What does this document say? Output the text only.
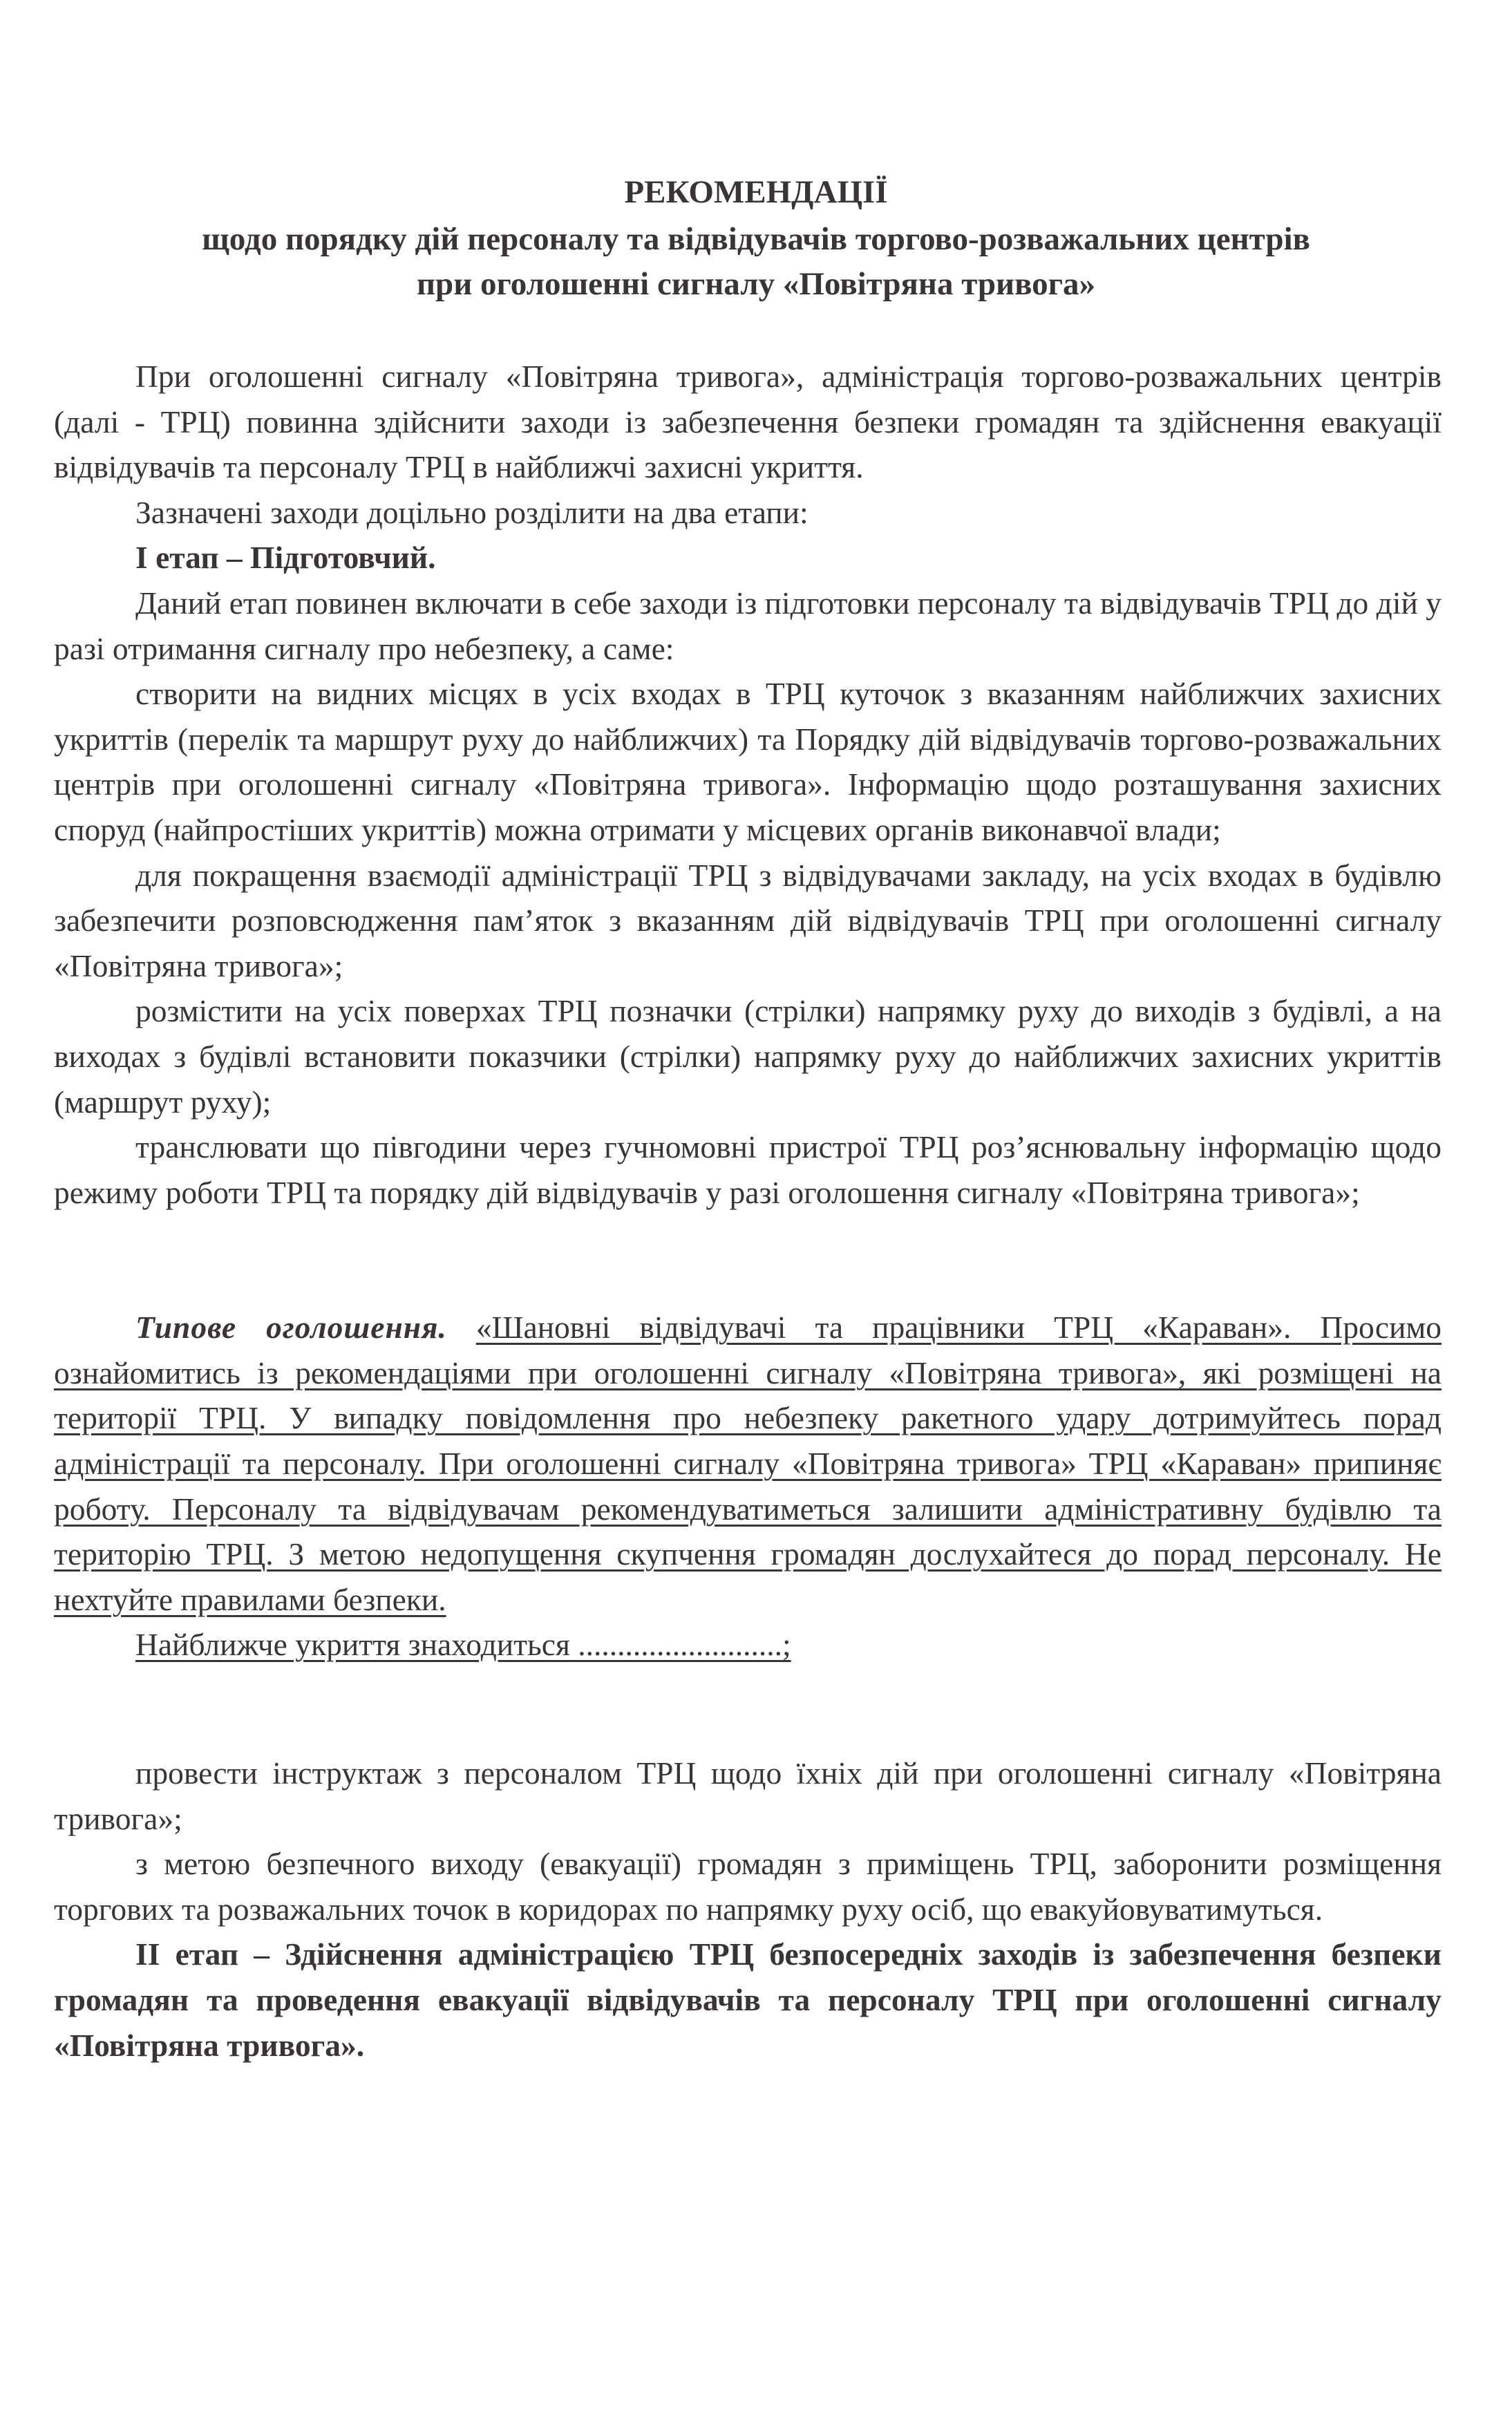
РЕКОМЕНДАЦІЇ
щодо порядку дій персоналу та відвідувачів торгово-розважальних центрів
при оголошенні сигналу «Повітряна тривога»

При оголошенні сигналу «Повітряна тривога», адміністрація торгово-розважальних центрів (далі - ТРЦ) повинна здійснити заходи із забезпечення безпеки громадян та здійснення евакуації відвідувачів та персоналу ТРЦ в найближчі захисні укриття.

Зазначені заходи доцільно розділити на два етапи:

І етап – Підготовчий.

Даний етап повинен включати в себе заходи із підготовки персоналу та відвідувачів ТРЦ до дій у разі отримання сигналу про небезпеку, а саме:

створити на видних місцях в усіх входах в ТРЦ куточок з вказанням найближчих захисних укриттів (перелік та маршрут руху до найближчих) та Порядку дій відвідувачів торгово-розважальних центрів при оголошенні сигналу «Повітряна тривога». Інформацію щодо розташування захисних споруд (найпростіших укриттів) можна отримати у місцевих органів виконавчої влади;

для покращення взаємодії адміністрації ТРЦ з відвідувачами закладу, на усіх входах в будівлю забезпечити розповсюдження пам’яток з вказанням дій відвідувачів ТРЦ при оголошенні сигналу «Повітряна тривога»;

розмістити на усіх поверхах ТРЦ позначки (стрілки) напрямку руху до виходів з будівлі, а на виходах з будівлі встановити показчики (стрілки) напрямку руху до найближчих захисних укриттів (маршрут руху);

транслювати що півгодини через гучномовні пристрої ТРЦ роз’яснювальну інформацію щодо режиму роботи ТРЦ та порядку дій відвідувачів у разі оголошення сигналу «Повітряна тривога»;

Типове оголошення. «Шановні відвідувачі та працівники ТРЦ «Караван». Просимо ознайомитись із рекомендаціями при оголошенні сигналу «Повітряна тривога», які розміщені на території ТРЦ. У випадку повідомлення про небезпеку ракетного удару дотримуйтесь порад адміністрації та персоналу. При оголошенні сигналу «Повітряна тривога» ТРЦ «Караван» припиняє роботу. Персоналу та відвідувачам рекомендуватиметься залишити адміністративну будівлю та територію ТРЦ. З метою недопущення скупчення громадян дослухайтеся до порад персоналу. Не нехтуйте правилами безпеки.

Найближче укриття знаходиться ..........................;

провести інструктаж з персоналом ТРЦ щодо їхніх дій при оголошенні сигналу «Повітряна тривога»;

з метою безпечного виходу (евакуації) громадян з приміщень ТРЦ, заборонити розміщення торгових та розважальних точок в коридорах по напрямку руху осіб, що евакуйовуватимуться.

ІІ етап – Здійснення адміністрацією ТРЦ безпосередніх заходів із забезпечення безпеки громадян та проведення евакуації відвідувачів та персоналу ТРЦ при оголошенні сигналу «Повітряна тривога».
